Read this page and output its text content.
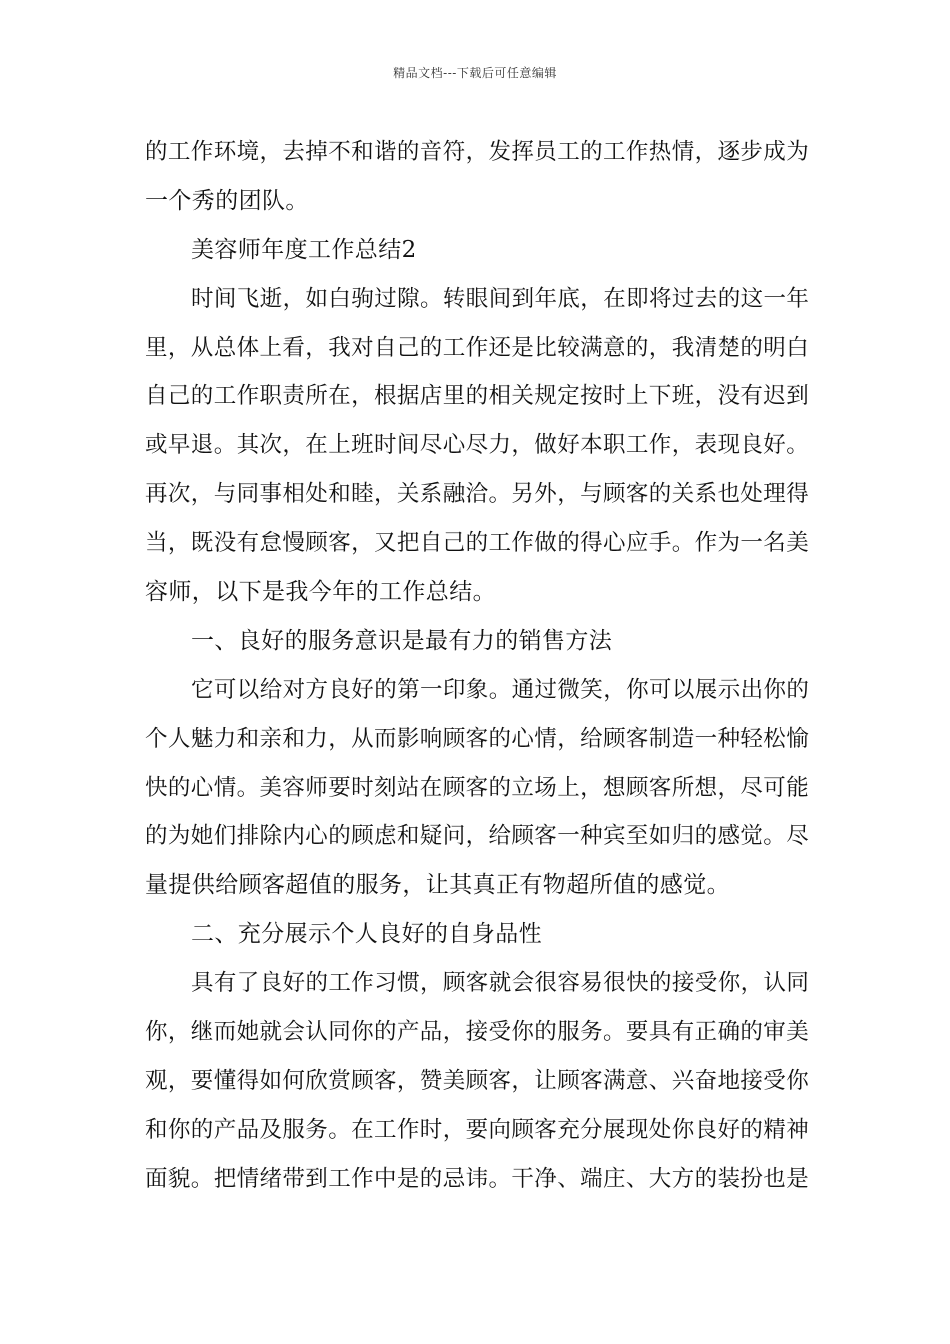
精品文档---下载后可任意编辑
的工作环境，去掉不和谐的音符，发挥员工的工作热情，逐步成为
一个秀的团队。
美容师年度工作总结2
时间飞逝，如白驹过隙。转眼间到年底，在即将过去的这一年
里，从总体上看，我对自己的工作还是比较满意的，我清楚的明白
自己的工作职责所在，根据店里的相关规定按时上下班，没有迟到
或早退。其次，在上班时间尽心尽力，做好本职工作，表现良好。
再次，与同事相处和睦，关系融洽。另外，与顾客的关系也处理得
当，既没有怠慢顾客，又把自己的工作做的得心应手。作为一名美
容师，以下是我今年的工作总结。
一、良好的服务意识是最有力的销售方法
它可以给对方良好的第一印象。通过微笑，你可以展示出你的
个人魅力和亲和力，从而影响顾客的心情，给顾客制造一种轻松愉
快的心情。美容师要时刻站在顾客的立场上，想顾客所想，尽可能
的为她们排除内心的顾虑和疑问，给顾客一种宾至如归的感觉。尽
量提供给顾客超值的服务，让其真正有物超所值的感觉。
二、充分展示个人良好的自身品性
具有了良好的工作习惯，顾客就会很容易很快的接受你，认同
你，继而她就会认同你的产品，接受你的服务。要具有正确的审美
观，要懂得如何欣赏顾客，赞美顾客，让顾客满意、兴奋地接受你
和你的产品及服务。在工作时，要向顾客充分展现处你良好的精神
面貌。把情绪带到工作中是的忌讳。干净、端庄、大方的装扮也是
